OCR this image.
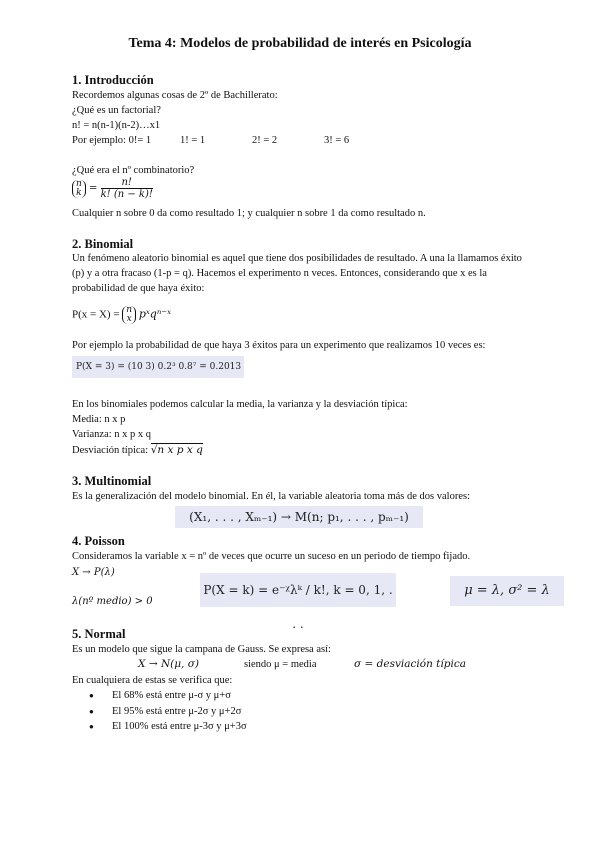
Tema 4: Modelos de probabilidad de interés en Psicología
1. Introducción
Recordemos algunas cosas de 2º de Bachillerato:
¿Qué es un factorial?
n! = n(n-1)(n-2)…x1
Por ejemplo: 0!= 1	1! = 1	2! = 2	3! = 6
¿Qué era el nº combinatorio?
n
$k = \frac{n!}{k! (n - k)!}$
Cualquier n sobre 0 da como resultado 1; y cualquier n sobre 1 da como resultado n.
2. Binomial
Un fenómeno aleatorio binomial es aquel que tiene dos posibilidades de resultado. A una la llamamos éxito (p) y a otra fracaso (1-p = q). Hacemos el experimento n veces. Entonces, considerando que x es la probabilidad de que haya éxito:
P(x = X) = n
x pˣqⁿ⁻ˣ
Por ejemplo la probabilidad de que haya 3 éxitos para un experimento que realizamos 10 veces es:
P(X = 3) = (10 3) 0.2³ 0.8⁷ = 0.2013
En los binomiales podemos calcular la media, la varianza y la desviación típica:
Media: n x p
Varianza: n x p x q
Desviación típica: √n x p x q
3. Multinomial
Es la generalización del modelo binomial. En él, la variable aleatoria toma más de dos valores:
(X₁, . . . , Xₘ₋₁) → M(n; p₁, . . . , pₘ₋₁)
4. Poisson
Consideramos la variable x = nº de veces que ocurre un suceso en un periodo de tiempo fijado.
X → P(λ)
λ(nº medio) > 0
P(X = k) = e⁻ᵡλᵏ / k!, k = 0, 1, . . .
μ = λ, σ² = λ
5. Normal
Es un modelo que sigue la campana de Gauss. Se expresa así:
X → N(μ, σ)	siendo μ = media	σ = desviación típica
En cualquiera de estas se verifica que:
● El 68% está entre μ-σ y μ+σ
● El 95% está entre μ-2σ y μ+2σ
● El 100% está entre μ-3σ y μ+3σ
